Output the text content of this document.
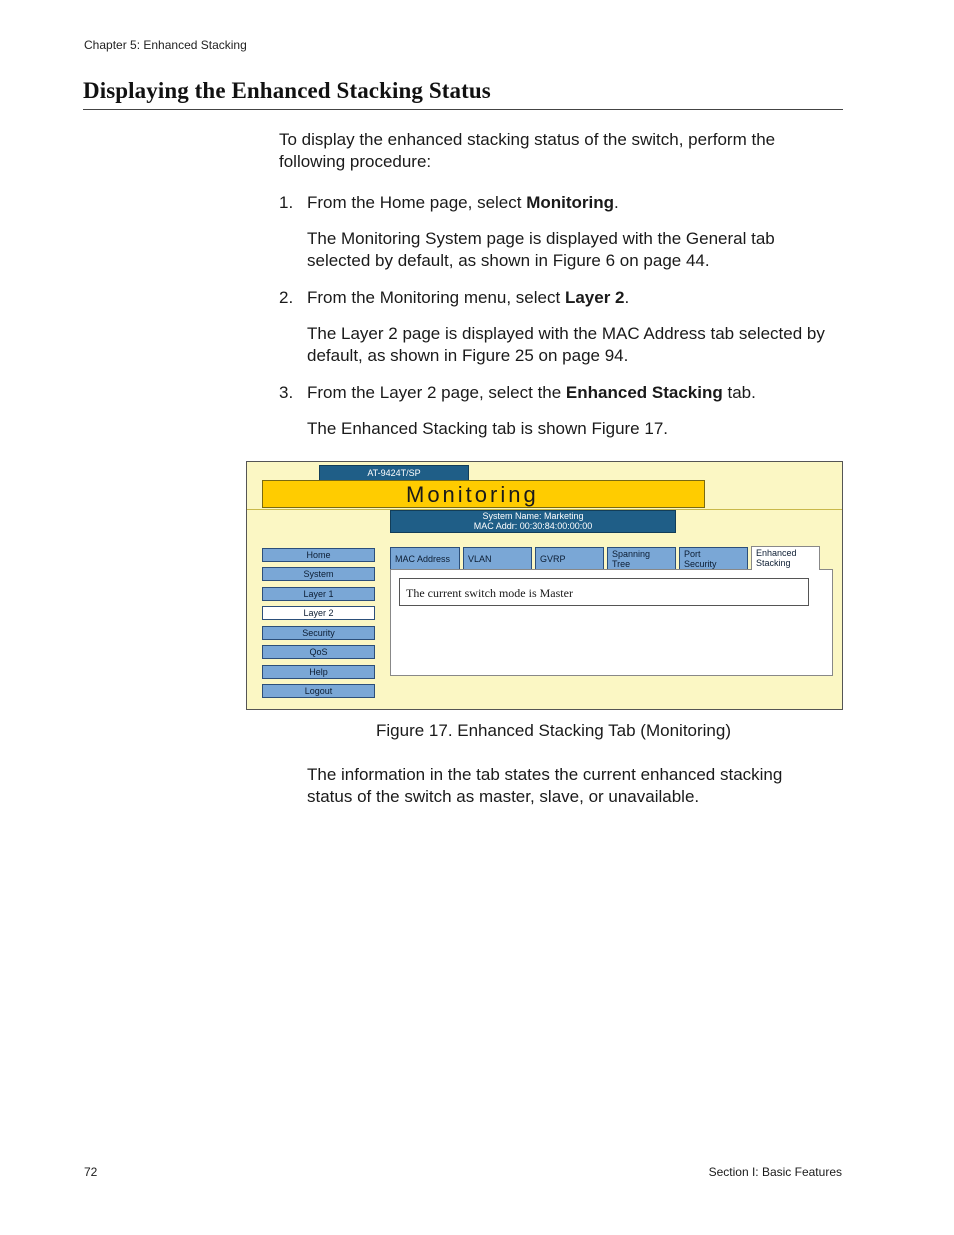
Chapter 5: Enhanced Stacking
Displaying the Enhanced Stacking Status
To display the enhanced stacking status of the switch, perform the following procedure:
1. From the Home page, select Monitoring.
The Monitoring System page is displayed with the General tab selected by default, as shown in Figure 6 on page 44.
2. From the Monitoring menu, select Layer 2.
The Layer 2 page is displayed with the MAC Address tab selected by default, as shown in Figure 25 on page 94.
3. From the Layer 2 page, select the Enhanced Stacking tab.
The Enhanced Stacking tab is shown Figure 17.
AT-9424T/SP
Monitoring
System Name: Marketing
MAC Addr: 00:30:84:00:00:00
Home
System
Layer 1
Layer 2
Security
QoS
Help
Logout
MAC Address	VLAN	GVRP	Spanning
Tree
Port
Security
Enhanced
Stacking
The current switch mode is Master
Figure 17. Enhanced Stacking Tab (Monitoring)
The information in the tab states the current enhanced stacking status of the switch as master, slave, or unavailable.
72	Section I: Basic Features
